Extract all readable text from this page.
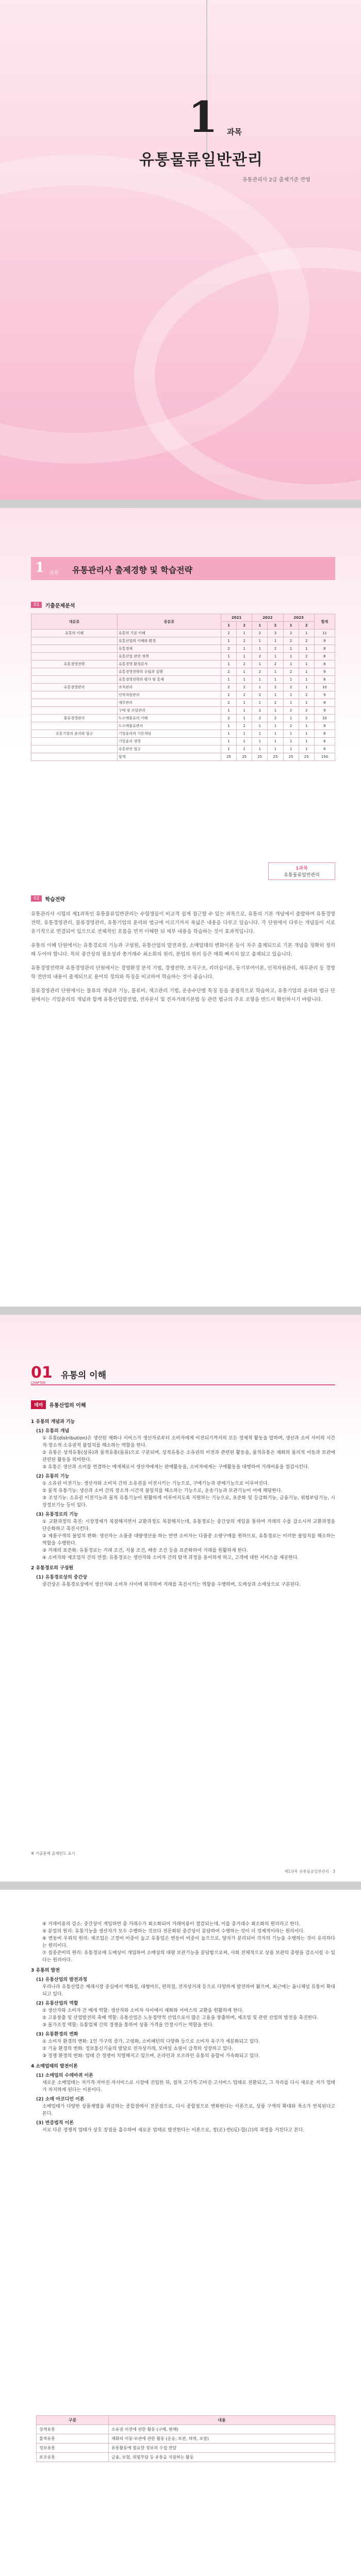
1 과목
유통물류일반관리
유통관리사 2급 출제기준 반영
1 과목 유통관리사 출제경향 및 학습전략
01	기출문제분석
대분류	중분류	2021		2022		2023		합계
		1	2	1	2	1	2	
유통의 이해	유통의 기본 이해	2	1	2	3	2	1	11
	유통산업의 이해와 환경	1	2	1	1	2	2	9
	유통경제	2	1	1	2	1	1	8
	유통산업 관련 정책	1	1	2	1	1	2	8
유통경영전략	유통경영 환경분석	1	2	1	2	1	1	8
	유통경영전략의 수립과 실행	2	1	2	1	2	1	9
	유통경영전략의 평가 및 통제	1	1	1	1	1	1	6
유통경영관리	조직관리	2	2	1	2	2	1	10
	인적자원관리	1	2	2	1	1	2	9
	재무관리	2	1	1	2	1	1	8
	구매 및 조달관리	1	1	2	1	2	2	9
물류경영관리	도소매물류의 이해	2	1	2	2	1	2	10
	도소매물류관리	1	2	1	1	2	1	8
유통기업의 윤리와 법규	기업윤리의 기본개념	1	1	1	1	1	1	6
	기업윤리 경영	1	1	1	1	1	1	6
	유통관련 법규	1	1	1	1	1	1	6
	합계	25	25	25	25	25	25	150
1과목
유통물류일반관리
02	학습전략

유통관리사 시험의 제1과목인 유통물류일반관리는 수험생들이 비교적 쉽게 접근할 수 있는 과목으로, 유통의 기본 개념에서 출발하여 유통경영전략, 유통경영관리, 물류경영관리, 유통기업의 윤리와 법규에 이르기까지 폭넓은 내용을 다루고 있습니다. 각 단원에서 다루는 개념들이 서로 유기적으로 연결되어 있으므로 전체적인 흐름을 먼저 이해한 뒤 세부 내용을 학습하는 것이 효과적입니다.

유통의 이해 단원에서는 유통경로의 기능과 구성원, 유통산업의 발전과정, 소매업태의 변화이론 등이 자주 출제되므로 기본 개념을 정확히 정리해 두어야 합니다. 특히 중간상의 필요성과 총거래수 최소화의 원리, 분업의 원리 등은 매회 빠지지 않고 출제되고 있습니다.

유통경영전략과 유통경영관리 단원에서는 경영환경 분석 기법, 경쟁전략, 조직구조, 리더십이론, 동기부여이론, 인적자원관리, 재무관리 등 경영학 전반의 내용이 출제되므로 용어의 정의와 특징을 비교하여 학습하는 것이 좋습니다.

물류경영관리 단원에서는 물류의 개념과 기능, 물류비, 재고관리 기법, 운송수단별 특징 등을 중점적으로 학습하고, 유통기업의 윤리와 법규 단원에서는 기업윤리의 개념과 함께 유통산업발전법, 전자문서 및 전자거래기본법 등 관련 법규의 주요 조항을 반드시 확인하시기 바랍니다.

01
CHAPTER
유통의 이해
테마	유통산업의 이해
1 유통의 개념과 기능
(1) 유통의 개념
① 유통(distribution)은 생산된 재화나 서비스가 생산자로부터 소비자에게 이전되기까지의 모든 경제적 활동을 말하며, 생산과 소비 사이의 시간적·장소적·소유권적 불일치를 해소하는 역할을 한다.
② 유통은 상적유통(상류)과 물적유통(물류)으로 구분되며, 상적유통은 소유권의 이전과 관련된 활동을, 물적유통은 재화의 물리적 이동과 보관에 관련된 활동을 의미한다.
③ 유통은 생산과 소비를 연결하는 매개체로서 생산자에게는 판매활동을, 소비자에게는 구매활동을 대행하여 거래비용을 절감시킨다.
(2) 유통의 기능
① 소유권 이전기능: 생산자와 소비자 간의 소유권을 이전시키는 기능으로, 구매기능과 판매기능으로 이루어진다.
② 물적 유통기능: 생산과 소비 간의 장소적·시간적 불일치를 해소하는 기능으로, 운송기능과 보관기능이 이에 해당한다.
③ 조성기능: 소유권 이전기능과 물적 유통기능이 원활하게 이루어지도록 지원하는 기능으로, 표준화 및 등급화기능, 금융기능, 위험부담기능, 시장정보기능 등이 있다.
(3) 유통경로의 기능
① 교환과정의 촉진: 시장경제가 복잡해지면서 교환과정도 복잡해지는데, 유통경로는 중간상의 개입을 통하여 거래의 수를 감소시켜 교환과정을 단순화하고 촉진시킨다.
② 제품구색의 불일치 완화: 생산자는 소품종 대량생산을 하는 반면 소비자는 다품종 소량구매를 원하므로, 유통경로는 이러한 불일치를 해소하는 역할을 수행한다.
③ 거래의 표준화: 유통경로는 거래 조건, 지불 조건, 배송 조건 등을 표준화하여 거래를 원활하게 한다.
④ 소비자와 제조업자 간의 연결: 유통경로는 생산자와 소비자 간의 탐색 과정을 용이하게 하고, 고객에 대한 서비스를 제공한다.
2 유통경로의 구성원
(1) 유통경로상의 중간상
중간상은 유통경로상에서 생산자와 소비자 사이에 위치하여 거래를 촉진시키는 역할을 수행하며, 도매상과 소매상으로 구분된다.
※ 기출문제 출제빈도 표시
제1과목 유통물류일반관리 · 3
④ 거래비용의 감소: 중간상이 개입하면 총 거래수가 최소화되어 거래비용이 절감되는데, 이를 총거래수 최소화의 원리라고 한다.
⑤ 분업의 원리: 유통기능을 생산자가 모두 수행하는 것보다 전문화된 중간상이 분담하여 수행하는 것이 더 경제적이라는 원리이다.
⑥ 변동비 우위의 원리: 제조업은 고정비 비중이 높고 유통업은 변동비 비중이 높으므로, 양자가 분리되어 각자의 기능을 수행하는 것이 유리하다는 원리이다.
⑦ 집중준비의 원리: 유통경로에 도매상이 개입하여 소매상의 대량 보관기능을 분담함으로써, 사회 전체적으로 상품 보관의 총량을 감소시킬 수 있다는 원리이다.
3 유통의 발전
(1) 유통산업의 발전과정
우리나라 유통산업은 재래시장 중심에서 백화점, 대형마트, 편의점, 전자상거래 등으로 다양하게 발전하여 왔으며, 최근에는 옴니채널 유통이 확대되고 있다.
(2) 유통산업의 역할
① 생산자와 소비자 간 매개 역할: 생산자와 소비자 사이에서 재화와 서비스의 교환을 원활하게 한다.
② 고용창출 및 산업발전의 촉매 역할: 유통산업은 노동집약적 산업으로서 많은 고용을 창출하며, 제조업 및 관련 산업의 발전을 촉진한다.
③ 물가조정 역할: 유통업체 간의 경쟁을 통하여 상품 가격을 안정시키는 역할을 한다.
(3) 유통환경의 변화
① 소비자 환경의 변화: 1인 가구의 증가, 고령화, 소비패턴의 다양화 등으로 소비자 욕구가 세분화되고 있다.
② 기술 환경의 변화: 정보통신기술의 발달로 전자상거래, 모바일 쇼핑이 급격히 성장하고 있다.
③ 경쟁 환경의 변화: 업태 간 경쟁이 치열해지고 있으며, 온라인과 오프라인 유통의 융합이 가속화되고 있다.
4 소매업태의 발전이론
(1) 소매업의 수레바퀴 이론
새로운 소매업태는 저가격·저마진·저서비스로 시장에 진입한 뒤, 점차 고가격·고마진·고서비스 업태로 전환되고, 그 자리를 다시 새로운 저가 업태가 차지하게 된다는 이론이다.
(2) 소매 아코디언 이론
소매업태가 다양한 상품계열을 취급하는 종합점에서 전문점으로, 다시 종합점으로 변화한다는 이론으로, 상품 구색의 확대와 축소가 반복된다고 본다.
(3) 변증법적 이론
서로 다른 경쟁적 업태가 상호 장점을 흡수하여 새로운 업태로 발전한다는 이론으로, 정(正)·반(反)·합(合)의 과정을 거친다고 본다.
구분	내용
상적유통	소유권 이전에 관한 활동 (구매, 판매)
물적유통	재화의 이동·보관에 관한 활동 (운송, 보관, 하역, 포장)
정보유통	유통활동에 필요한 정보의 수집·전달
보조유통	금융, 보험, 위험부담 등 유통을 지원하는 활동
